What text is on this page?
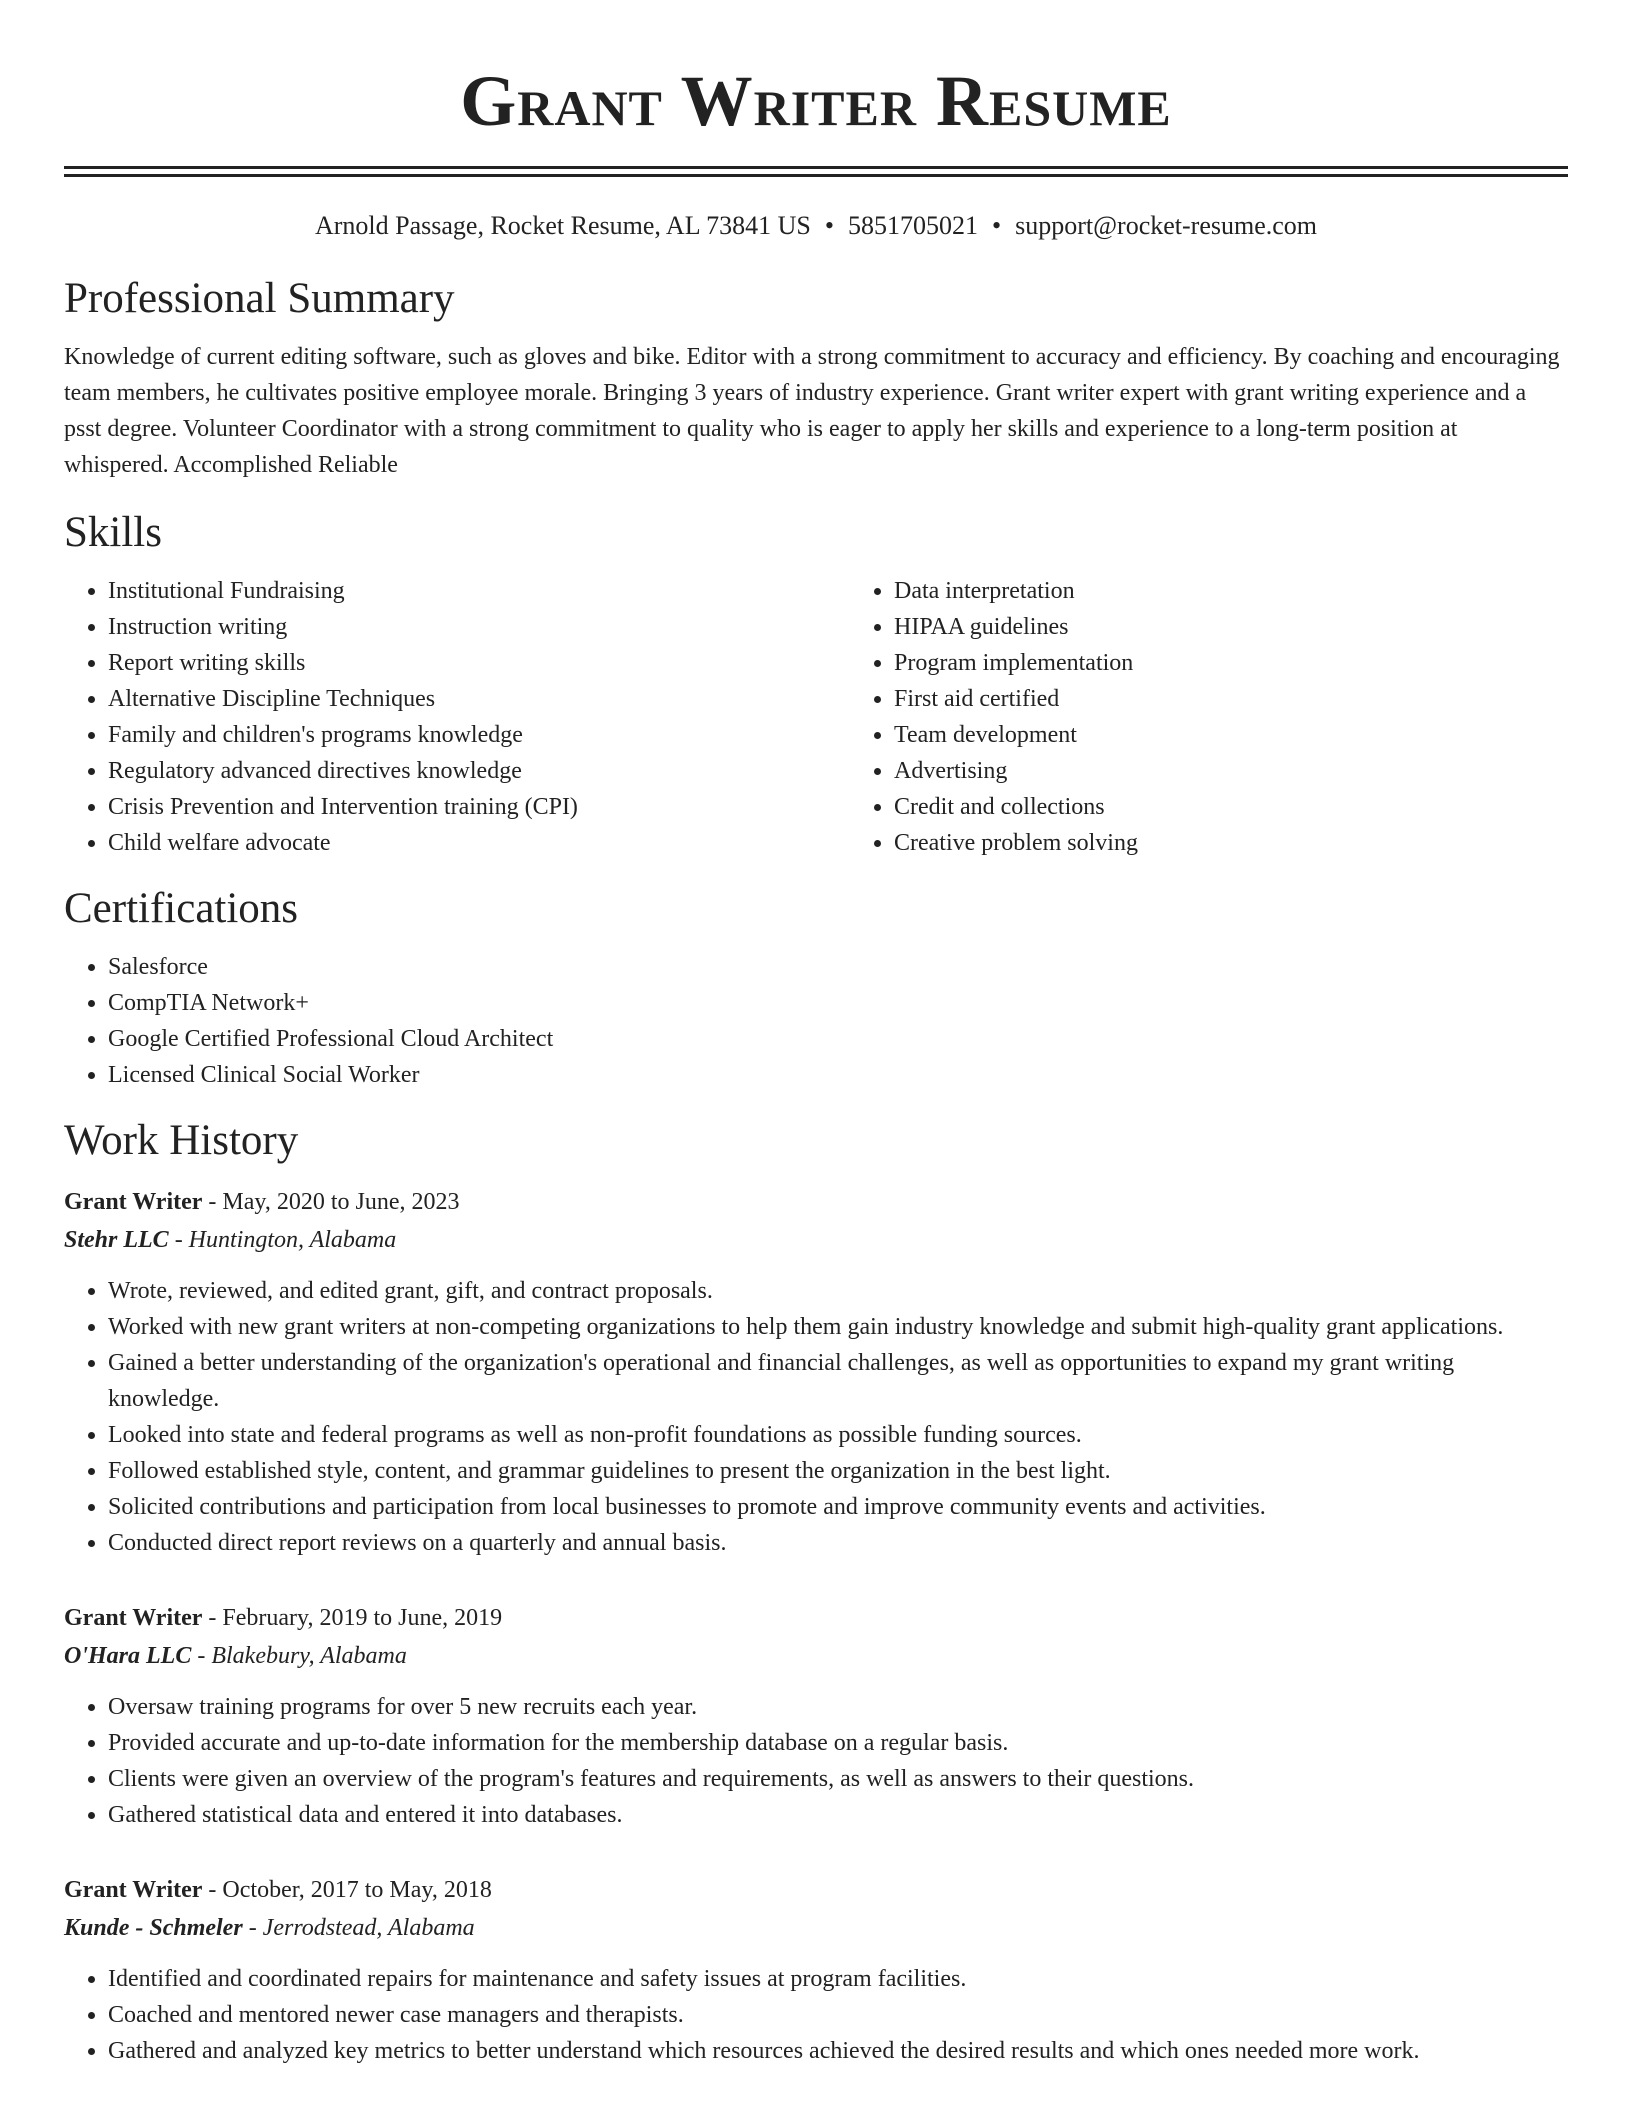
Grant Writer Resume
Arnold Passage, Rocket Resume, AL 73841 US • 5851705021 • support@rocket-resume.com
Professional Summary
Knowledge of current editing software, such as gloves and bike. Editor with a strong commitment to accuracy and efficiency. By coaching and encouraging team members, he cultivates positive employee morale. Bringing 3 years of industry experience. Grant writer expert with grant writing experience and a psst degree. Volunteer Coordinator with a strong commitment to quality who is eager to apply her skills and experience to a long-term position at whispered. Accomplished Reliable
Skills
• Institutional Fundraising
• Instruction writing
• Report writing skills
• Alternative Discipline Techniques
• Family and children's programs knowledge
• Regulatory advanced directives knowledge
• Crisis Prevention and Intervention training (CPI)
• Child welfare advocate
• Data interpretation
• HIPAA guidelines
• Program implementation
• First aid certified
• Team development
• Advertising
• Credit and collections
• Creative problem solving
Certifications
• Salesforce
• CompTIA Network+
• Google Certified Professional Cloud Architect
• Licensed Clinical Social Worker
Work History
Grant Writer - May, 2020 to June, 2023
Stehr LLC - Huntington, Alabama
• Wrote, reviewed, and edited grant, gift, and contract proposals.
• Worked with new grant writers at non-competing organizations to help them gain industry knowledge and submit high-quality grant applications.
• Gained a better understanding of the organization's operational and financial challenges, as well as opportunities to expand my grant writing knowledge.
• Looked into state and federal programs as well as non-profit foundations as possible funding sources.
• Followed established style, content, and grammar guidelines to present the organization in the best light.
• Solicited contributions and participation from local businesses to promote and improve community events and activities.
• Conducted direct report reviews on a quarterly and annual basis.
Grant Writer - February, 2019 to June, 2019
O'Hara LLC - Blakebury, Alabama
• Oversaw training programs for over 5 new recruits each year.
• Provided accurate and up-to-date information for the membership database on a regular basis.
• Clients were given an overview of the program's features and requirements, as well as answers to their questions.
• Gathered statistical data and entered it into databases.
Grant Writer - October, 2017 to May, 2018
Kunde - Schmeler - Jerrodstead, Alabama
• Identified and coordinated repairs for maintenance and safety issues at program facilities.
• Coached and mentored newer case managers and therapists.
• Gathered and analyzed key metrics to better understand which resources achieved the desired results and which ones needed more work.
